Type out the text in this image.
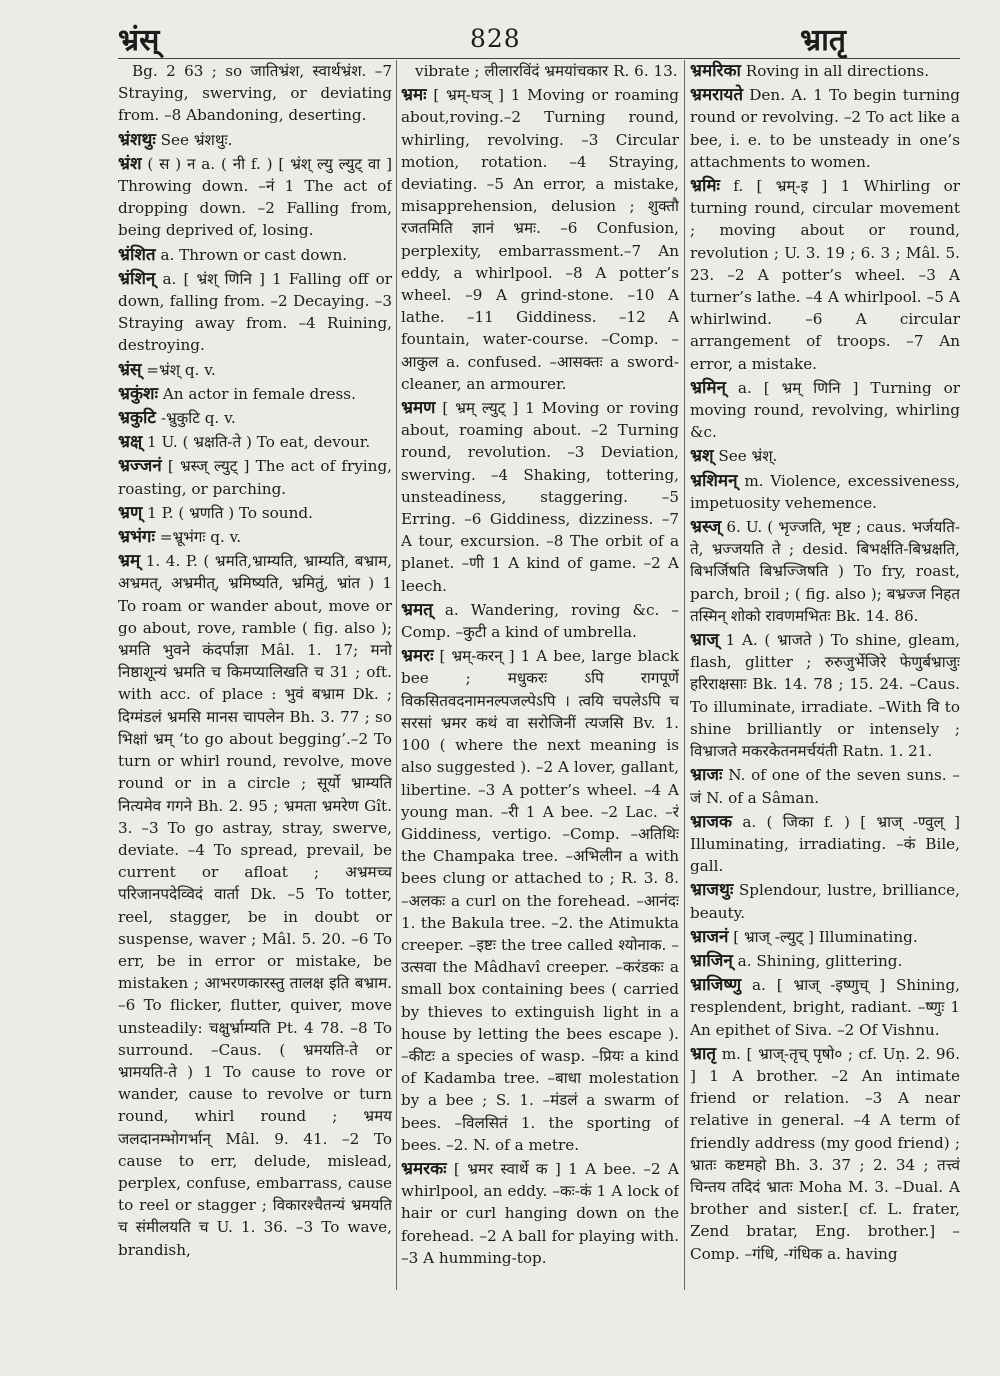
भ्रंस्	828	भ्रातृ

Bg. 2 63 ; so जातिभ्रंश, स्वार्थभ्रंश. –7 Straying, swerving, or deviating from. –8 Abandoning, deserting.

भ्रंशथुः See भ्रंशथुः.

भ्रंश ( स ) न a. ( नी f. ) [ भ्रंश् ल्यु ल्युट् वा ] Throwing down. –नं 1 The act of dropping down. –2 Falling from, being deprived of, losing.

भ्रंशित a. Thrown or cast down.

भ्रंशिन् a. [ भ्रंश् णिनि ] 1 Falling off or down, falling from. –2 Decaying. –3 Straying away from. –4 Ruining, destroying.

भ्रंस् =भ्रंश् q. v.

भ्रकुंशः An actor in female dress.

भ्रकुटि -भ्रुकुटि q. v.

भ्रक्ष् 1 U. ( भ्रक्षति-ते ) To eat, devour.

भ्रज्जनं [ भ्रस्ज् ल्युट् ] The act of frying, roasting, or parching.

भ्रण् 1 P. ( भ्रणति ) To sound.

भ्रभंगः =भ्रूभंगः q. v.

भ्रम् 1. 4. P. ( भ्रमति,भ्राम्यति, भ्राम्यति, बभ्राम, अभ्रमत्, अभ्रमीत्, भ्रमिष्यति, भ्रमितुं, भ्रांत ) 1 To roam or wander about, move or go about, rove, ramble ( fig. also ); भ्रमति भुवने कंदर्पाज्ञा Mâl. 1. 17; मनो निष्ठाशून्यं भ्रमति च किमप्यालिखति च 31 ; oft. with acc. of place : भुवं बभ्राम Dk. ; दिग्मंडलं भ्रमसि मानस चापलेन Bh. 3. 77 ; so भिक्षां भ्रम् ‘to go about begging’.–2 To turn or whirl round, revolve, move round or in a circle ; सूर्यो भ्राम्यति नित्यमेव गगने Bh. 2. 95 ; भ्रमता भ्रमरेण Gît. 3. –3 To go astray, stray, swerve, deviate. –4 To spread, prevail, be current or afloat ; अभ्रमच्च परिजानपदेव्विदं वार्ता Dk. –5 To totter, reel, stagger, be in doubt or suspense, waver ; Mâl. 5. 20. –6 To err, be in error or mistake, be mistaken ; आभरणकारस्तु तालक्ष इति बभ्राम. –6 To flicker, flutter, quiver, move unsteadily: चक्षुर्भ्राम्यति Pt. 4 78. –8 To surround. –Caus. ( भ्रमयति-ते or भ्रामयति-ते ) 1 To cause to rove or wander, cause to revolve or turn round, whirl round ; भ्रमय जलदानम्भोगर्भान् Mâl. 9. 41. –2 To cause to err, delude, mislead, perplex, confuse, embarrass, cause to reel or stagger ; विकारश्चैतन्यं भ्रमयति च संमीलयति च U. 1. 36. –3 To wave, brandish,

vibrate ; लीलारविंदं भ्रमयांचकार R. 6. 13.

भ्रमः [ भ्रम्-घञ् ] 1 Moving or roaming about,roving.–2 Turning round, whirling, revolving. –3 Circular motion, rotation. –4 Straying, deviating. –5 An error, a mistake, misapprehension, delusion ; शुक्तौ रजतमिति ज्ञानं भ्रमः. –6 Confusion, perplexity, embarrassment.–7 An eddy, a whirlpool. –8 A potter’s wheel. –9 A grind-stone. –10 A lathe. –11 Giddiness. –12 A fountain, water-course. –Comp. –आकुल a. confused. –आसक्तः a sword-cleaner, an armourer.

भ्रमण [ भ्रम् ल्युट् ] 1 Moving or roving about, roaming about. –2 Turning round, revolution. –3 Deviation, swerving. –4 Shaking, tottering, unsteadiness, staggering. –5 Erring. –6 Giddiness, dizziness. –7 A tour, excursion. –8 The orbit of a planet. –णी 1 A kind of game. –2 A leech.

भ्रमत् a. Wandering, roving &c. –Comp. –कुटी a kind of umbrella.

भ्रमरः [ भ्रम्-करन् ] 1 A bee, large black bee ; मधुकरः ऽपि रागपूर्णे विकसितवदनामनल्पजल्पेऽपि । त्वयि चपलेऽपि च सरसां भ्रमर कथं वा सरोजिनीं त्यजसि Bv. 1. 100 ( where the next meaning is also suggested ). –2 A lover, gallant, libertine. –3 A potter’s wheel. –4 A young man. –री 1 A bee. –2 Lac. –रं Giddiness, vertigo. –Comp. –अतिथिः the Champaka tree. –अभिलीन a with bees clung or attached to ; R. 3. 8. –अलकः a curl on the forehead. –आनंदः 1. the Bakula tree. –2. the Atimukta creeper. –इष्टः the tree called श्योनाक. –उत्सवा the Mâdhavî creeper. –करंडकः a small box containing bees ( carried by thieves to extinguish light in a house by letting the bees escape ). –कीटः a species of wasp. –प्रियः a kind of Kadamba tree. –बाधा molestation by a bee ; S. 1. –मंडलं a swarm of bees. –विलसितं 1. the sporting of bees. –2. N. of a metre.

भ्रमरकः [ भ्रमर स्वार्थे क ] 1 A bee. –2 A whirlpool, an eddy. –कः-कं 1 A lock of hair or curl hanging down on the forehead. –2 A ball for playing with. –3 A humming-top.

भ्रमरिका Roving in all directions.

भ्रमरायते Den. A. 1 To begin turning round or revolving. –2 To act like a bee, i. e. to be unsteady in one’s attachments to women.

भ्रमिः f. [ भ्रम्-इ ] 1 Whirling or turning round, circular movement ; moving about or round, revolution ; U. 3. 19 ; 6. 3 ; Mâl. 5. 23. –2 A potter’s wheel. –3 A turner’s lathe. –4 A whirlpool. –5 A whirlwind. –6 A circular arrangement of troops. –7 An error, a mistake.

भ्रमिन् a. [ भ्रम् णिनि ] Turning or moving round, revolving, whirling &c.

भ्रश् See भ्रंश्.

भ्रशिमन् m. Violence, excessiveness, impetuosity vehemence.

भ्रस्ज् 6. U. ( भृज्जति, भृष्ट ; caus. भर्जयति-ते, भ्रज्जयति ते ; desid. बिभर्क्षति-बिभ्रक्षति, बिभर्जिषति बिभ्रज्जिषति ) To fry, roast, parch, broil ; ( fig. also ); बभ्रज्ज निहत तस्मिन् शोको रावणमभितः Bk. 14. 86.

भ्राज् 1 A. ( भ्राजते ) To shine, gleam, flash, glitter ; रुरुजुर्भेजिरे फेणुर्बभ्राजुः हरिराक्षसाः Bk. 14. 78 ; 15. 24. –Caus. To illuminate, irradiate. –With वि to shine brilliantly or intensely ; विभ्राजते मकरकेतनमर्चयंती Ratn. 1. 21.

भ्राजः N. of one of the seven suns. –जं N. of a Sâman.

भ्राजक a. ( जिका f. ) [ भ्राज् -ण्वुल् ] Illuminating, irradiating. –कं Bile, gall.

भ्राजथुः Splendour, lustre, brilliance, beauty.

भ्राजनं [ भ्राज् -ल्युट् ] Illuminating.

भ्राजिन् a. Shining, glittering.

भ्राजिष्णु a. [ भ्राज् -इष्णुच् ] Shining, resplendent, bright, radiant. –ष्णुः 1 An epithet of Siva. –2 Of Vishnu.

भ्रातृ m. [ भ्राज्-तृच् पृषो० ; cf. Uṇ. 2. 96. ] 1 A brother. –2 An intimate friend or relation. –3 A near relative in general. –4 A term of friendly address (my good friend) ; भ्रातः कष्टमहो Bh. 3. 37 ; 2. 34 ; तत्त्वं चिन्तय तदिदं भ्रातः Moha M. 3. –Dual. A brother and sister.[ cf. L. frater, Zend bratar, Eng. brother.] –Comp. –गंधि, -गंधिक a. having
